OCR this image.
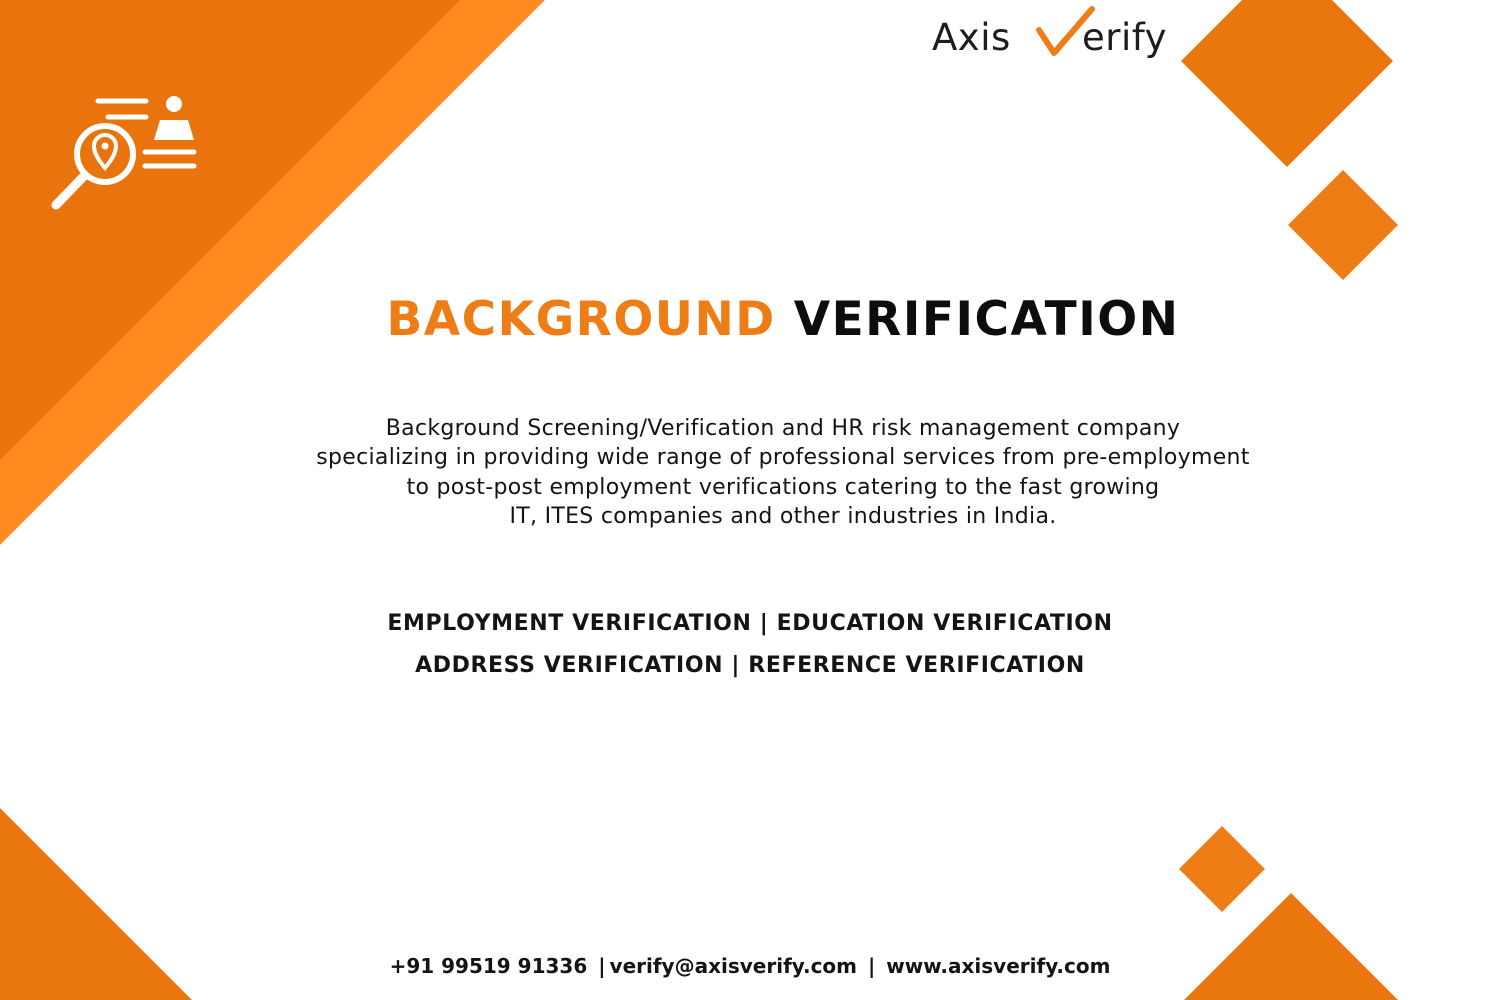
Axis erify
BACKGROUND VERIFICATION
Background Screening/Verification and HR risk management company
specializing in providing wide range of professional services from pre-employment
to post-post employment verifications catering to the fast growing
IT, ITES companies and other industries in India.
EMPLOYMENT VERIFICATION | EDUCATION VERIFICATION
ADDRESS VERIFICATION | REFERENCE VERIFICATION
+91 99519 91336 | verify@axisverify.com | www.axisverify.com
